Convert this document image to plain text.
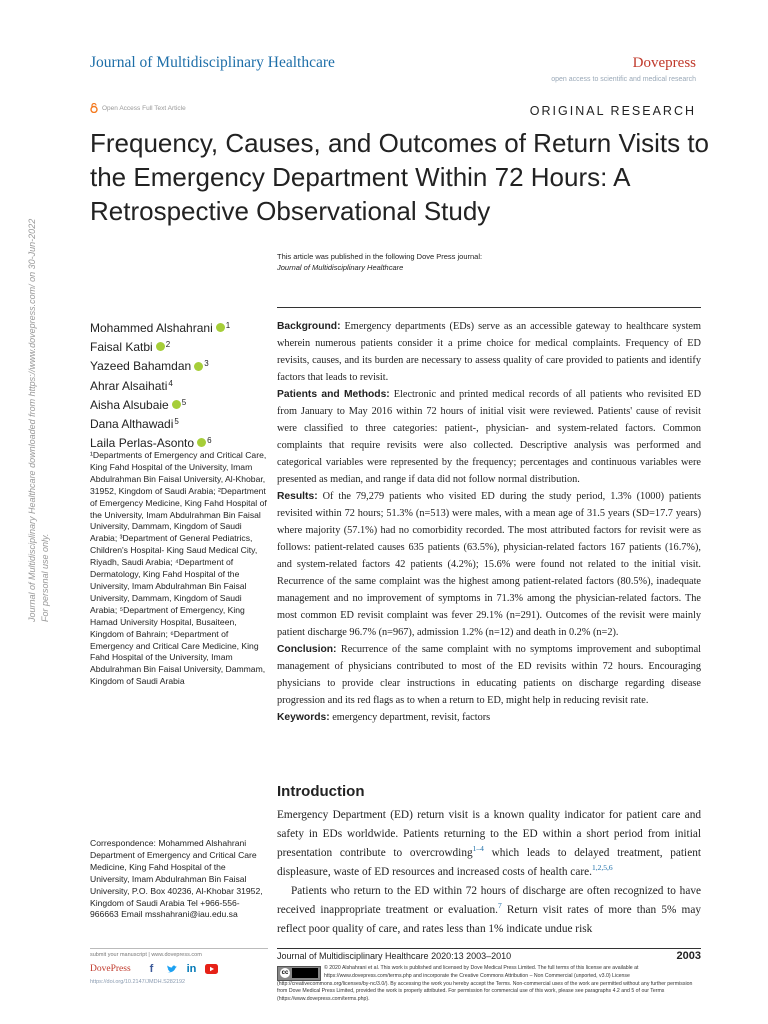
Journal of Multidisciplinary Healthcare	Dovepress
open access to scientific and medical research
Open Access Full Text Article	ORIGINAL RESEARCH
Frequency, Causes, and Outcomes of Return Visits to the Emergency Department Within 72 Hours: A Retrospective Observational Study
This article was published in the following Dove Press journal:
Journal of Multidisciplinary Healthcare
Journal of Multidisciplinary Healthcare downloaded from https://www.dovepress.com/ on 30-Jun-2022 For personal use only.
Mohammed Alshahrani $^1$
Faisal Katbi $^2$
Yazeed Bahamdan $^3$
Ahrar Alsaihati$^4$
Aisha Alsubaie $^5$
Dana Althawadi$^5$
Laila Perlas-Asonto $^6$
¹Departments of Emergency and Critical Care, King Fahd Hospital of the University, Imam Abdulrahman Bin Faisal University, Al-Khobar, 31952, Kingdom of Saudi Arabia; ²Department of Emergency Medicine, King Fahd Hospital of the University, Imam Abdulrahman Bin Faisal University, Dammam, Kingdom of Saudi Arabia; ³Department of General Pediatrics, Children's Hospital- King Saud Medical City, Riyadh, Saudi Arabia; ⁴Department of Dermatology, King Fahd Hospital of the University, Imam Abdulrahman Bin Faisal University, Dammam, Kingdom of Saudi Arabia; ⁵Department of Emergency, King Hamad University Hospital, Busaiteen, Kingdom of Bahrain; ⁶Department of Emergency and Critical Care Medicine, King Fahd Hospital of the University, Imam Abdulrahman Bin Faisal University, Dammam, Kingdom of Saudi Arabia
Correspondence: Mohammed Alshahrani Department of Emergency and Critical Care Medicine, King Fahd Hospital of the University, Imam Abdulrahman Bin Faisal University, P.O. Box 40236, Al-Khobar 31952, Kingdom of Saudi Arabia Tel +966-556-966663 Email msshahrani@iau.edu.sa

Background: Emergency departments (EDs) serve as an accessible gateway to healthcare system wherein numerous patients consider it a prime choice for medical complaints. Frequency of ED revisits, causes, and its burden are necessary to assess quality of care provided to patients and identify factors that leads to revisit.

Patients and Methods: Electronic and printed medical records of all patients who revisited ED from January to May 2016 within 72 hours of initial visit were reviewed. Patients' cause of revisit were classified to three categories: patient-, physician- and system-related factors. Common complaints that require revisits were also collected. Descriptive analysis was performed and categorical variables were represented by the frequency; percentages and continuous variables were presented as median, and range if data did not follow normal distribution.

Results: Of the 79,279 patients who visited ED during the study period, 1.3% (1000) patients revisited within 72 hours; 51.3% (n=513) were males, with a mean age of 31.5 years (SD=17.7 years) where majority (57.1%) had no comorbidity recorded. The most attributed factors for revisit were as follows: patient-related causes 635 patients (63.5%), physician-related factors 167 patients (16.7%), and system-related factors 42 patients (4.2%); 15.6% were found not related to the initial visit. Recurrence of the same complaint was the highest among patient-related factors (80.5%), inadequate management and no improvement of symptoms in 71.3% among the physician-related factors. The most common ED revisit complaint was fever 29.1% (n=291). Outcomes of the revisit were mainly patient discharge 96.7% (n=967), admission 1.2% (n=12) and death in 0.2% (n=2).

Conclusion: Recurrence of the same complaint with no symptoms improvement and suboptimal management of physicians contributed to most of the ED revisits within 72 hours. Encouraging physicians to provide clear instructions in educating patients on discharge regarding disease progression and its red flags as to when a return to ED, might help in reducing revisit rate.

Keywords: emergency department, revisit, factors

Introduction

Emergency Department (ED) return visit is a known quality indicator for patient care and safety in EDs worldwide. Patients returning to the ED within a short period from initial presentation contribute to overcrowding$^{1-4}$ which leads to delayed treatment, patient displeasure, waste of ED resources and increased costs of health care.$^{1,2,5,6}$

Patients who return to the ED within 72 hours of discharge are often recognized to have received inappropriate treatment or evaluation.$^7$ Return visit rates of more than 5% may reflect poor quality of care, and rates less than 1% indicate undue risk

submit your manuscript | www.dovepress.com
DovePress	f	in
https://doi.org/10.2147/JMDH.S282192
Journal of Multidisciplinary Healthcare 2020:13 2003–2010	2003
cc
© 2020 Alshahrani et al. This work is published and licensed by Dove Medical Press Limited. The full terms of this license are available at https://www.dovepress.com/terms.php and incorporate the Creative Commons Attribution – Non Commercial (unported, v3.0) License (http://creativecommons.org/licenses/by-nc/3.0/). By accessing the work you hereby accept the Terms. Non-commercial uses of the work are permitted without any further permission from Dove Medical Press Limited, provided the work is properly attributed. For permission for commercial use of this work, please see paragraphs 4.2 and 5 of our Terms (https://www.dovepress.com/terms.php).
